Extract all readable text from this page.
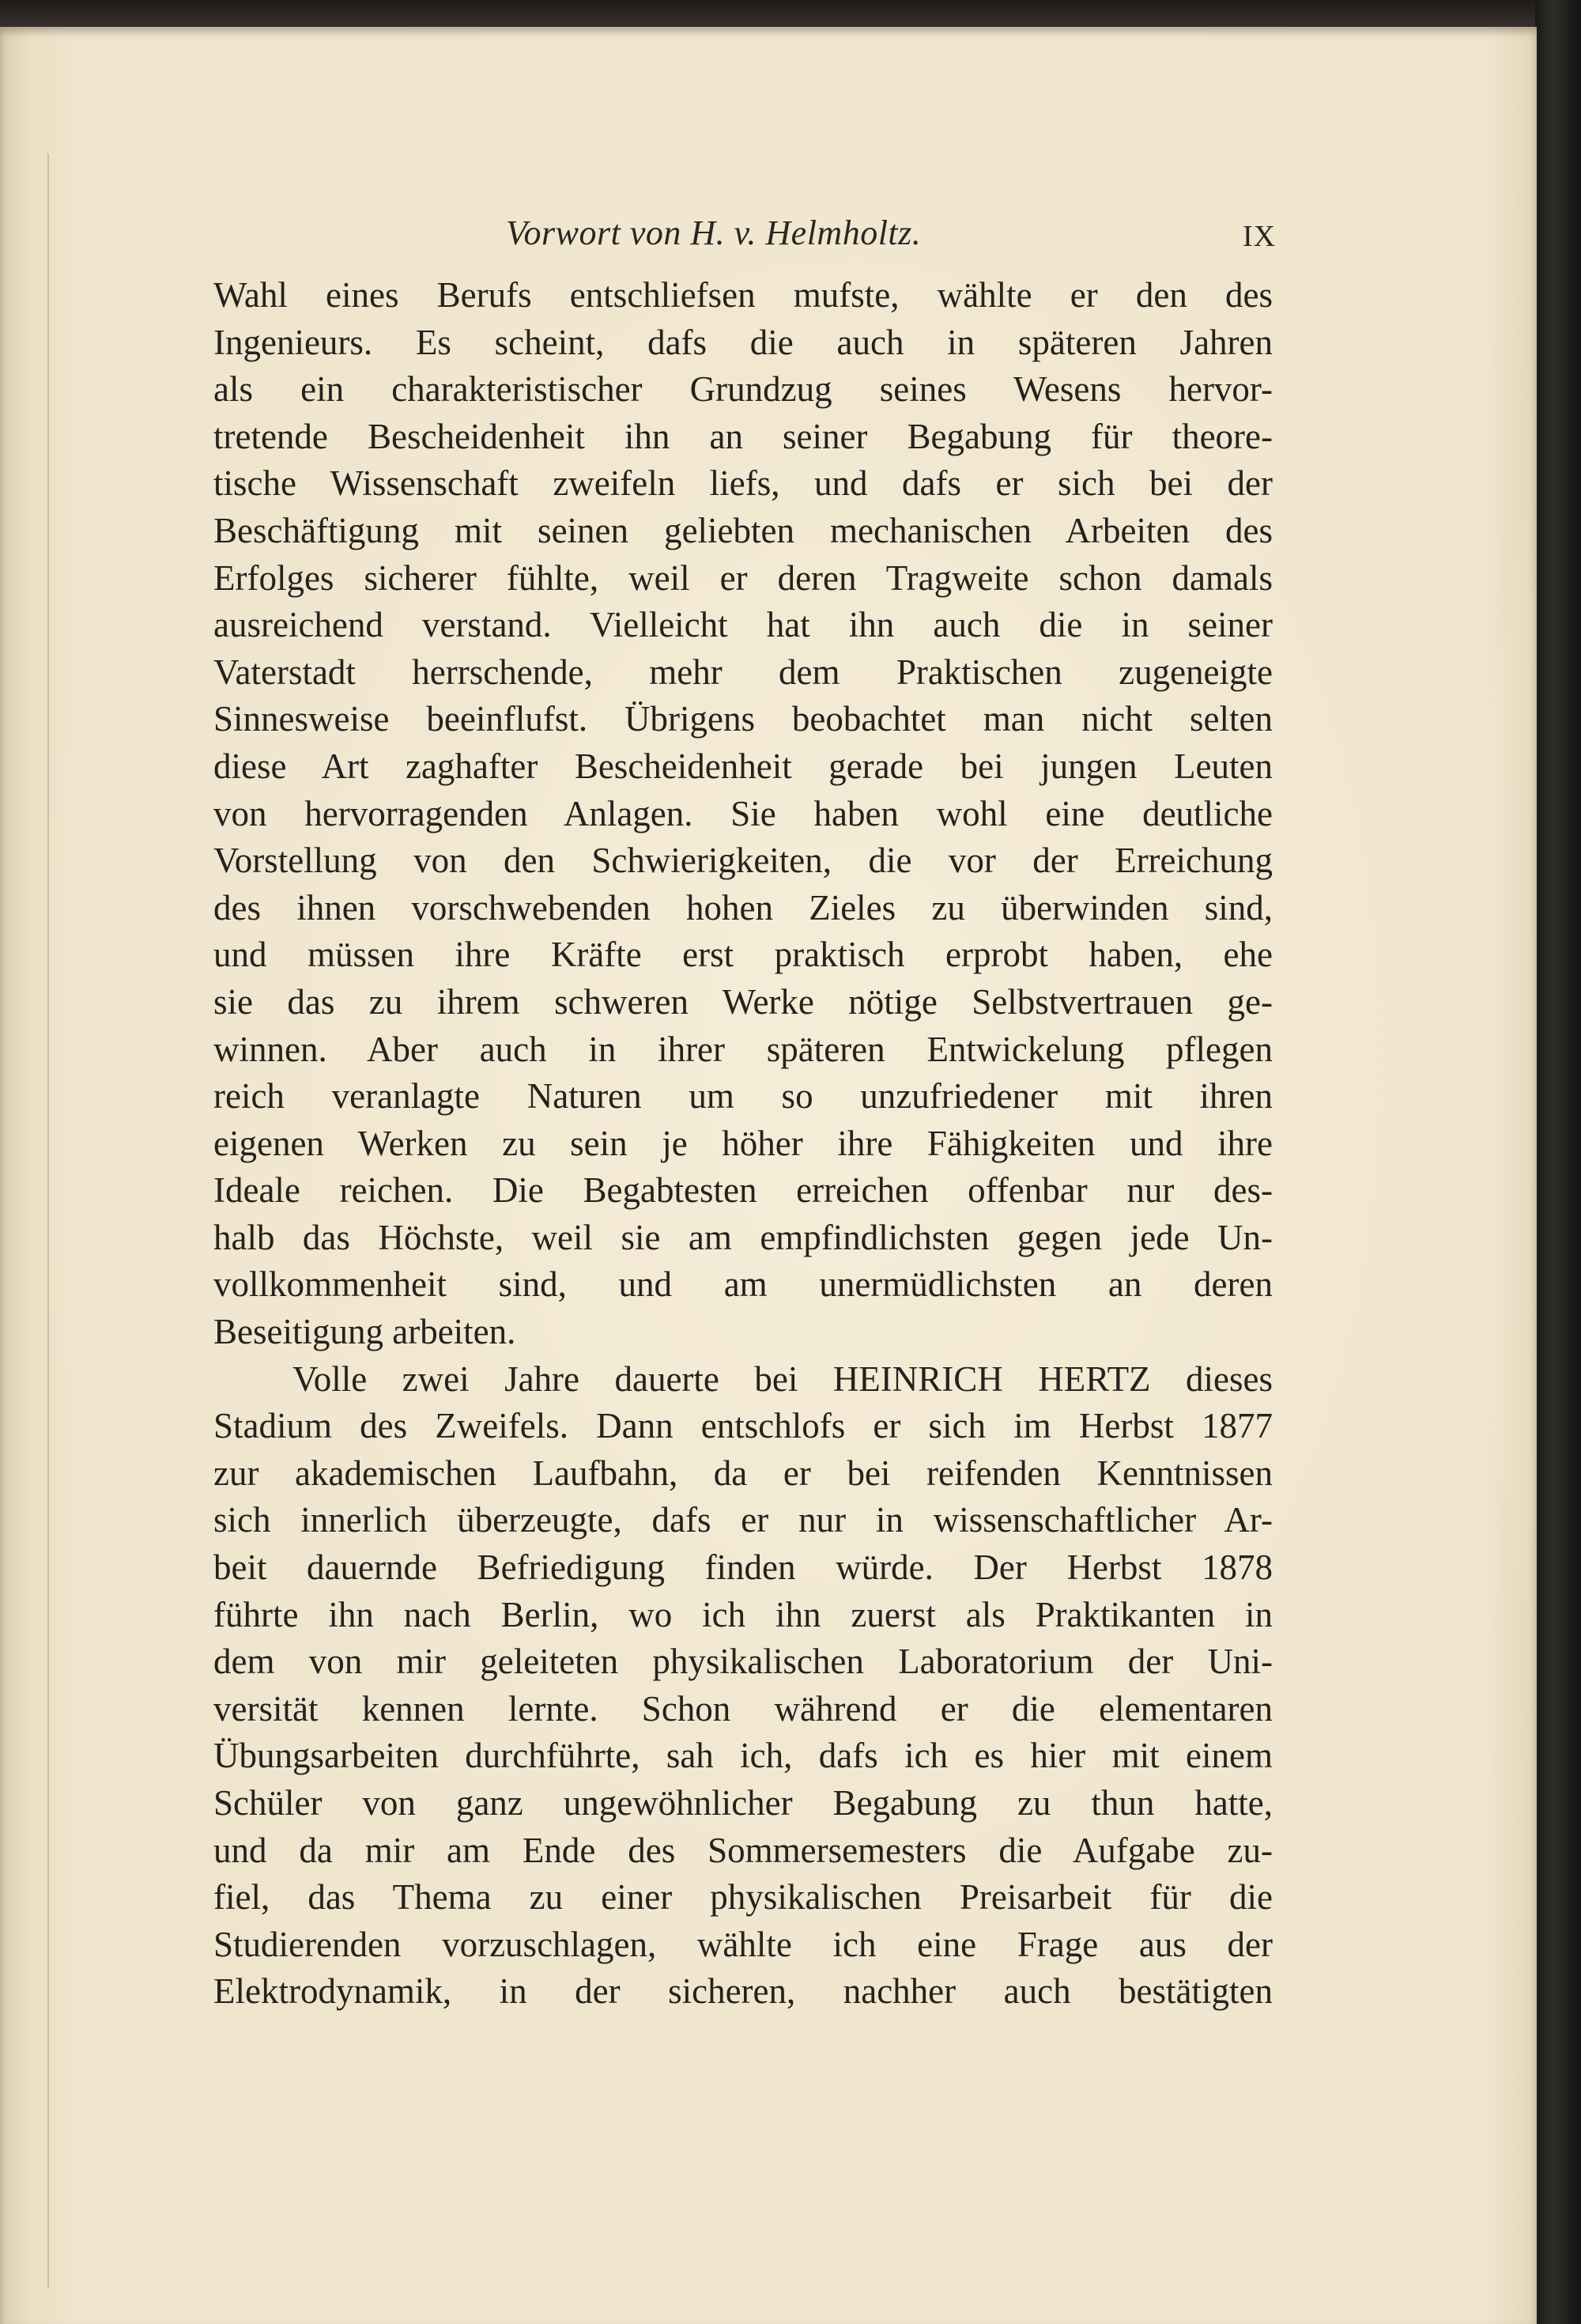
Vorwort von H. v. Helmholtz.	IX
Wahl eines Berufs entschliefsen mufste, wählte er den des
Ingenieurs. Es scheint, dafs die auch in späteren Jahren
als ein charakteristischer Grundzug seines Wesens hervor-
tretende Bescheidenheit ihn an seiner Begabung für theore-
tische Wissenschaft zweifeln liefs, und dafs er sich bei der
Beschäftigung mit seinen geliebten mechanischen Arbeiten des
Erfolges sicherer fühlte, weil er deren Tragweite schon damals
ausreichend verstand. Vielleicht hat ihn auch die in seiner
Vaterstadt herrschende, mehr dem Praktischen zugeneigte
Sinnesweise beeinflufst. Übrigens beobachtet man nicht selten
diese Art zaghafter Bescheidenheit gerade bei jungen Leuten
von hervorragenden Anlagen. Sie haben wohl eine deutliche
Vorstellung von den Schwierigkeiten, die vor der Erreichung
des ihnen vorschwebenden hohen Zieles zu überwinden sind,
und müssen ihre Kräfte erst praktisch erprobt haben, ehe
sie das zu ihrem schweren Werke nötige Selbstvertrauen ge-
winnen. Aber auch in ihrer späteren Entwickelung pflegen
reich veranlagte Naturen um so unzufriedener mit ihren
eigenen Werken zu sein je höher ihre Fähigkeiten und ihre
Ideale reichen. Die Begabtesten erreichen offenbar nur des-
halb das Höchste, weil sie am empfindlichsten gegen jede Un-
vollkommenheit sind, und am unermüdlichsten an deren
Beseitigung arbeiten.
Volle zwei Jahre dauerte bei HEINRICH HERTZ dieses
Stadium des Zweifels. Dann entschlofs er sich im Herbst 1877
zur akademischen Laufbahn, da er bei reifenden Kenntnissen
sich innerlich überzeugte, dafs er nur in wissenschaftlicher Ar-
beit dauernde Befriedigung finden würde. Der Herbst 1878
führte ihn nach Berlin, wo ich ihn zuerst als Praktikanten in
dem von mir geleiteten physikalischen Laboratorium der Uni-
versität kennen lernte. Schon während er die elementaren
Übungsarbeiten durchführte, sah ich, dafs ich es hier mit einem
Schüler von ganz ungewöhnlicher Begabung zu thun hatte,
und da mir am Ende des Sommersemesters die Aufgabe zu-
fiel, das Thema zu einer physikalischen Preisarbeit für die
Studierenden vorzuschlagen, wählte ich eine Frage aus der
Elektrodynamik, in der sicheren, nachher auch bestätigten
